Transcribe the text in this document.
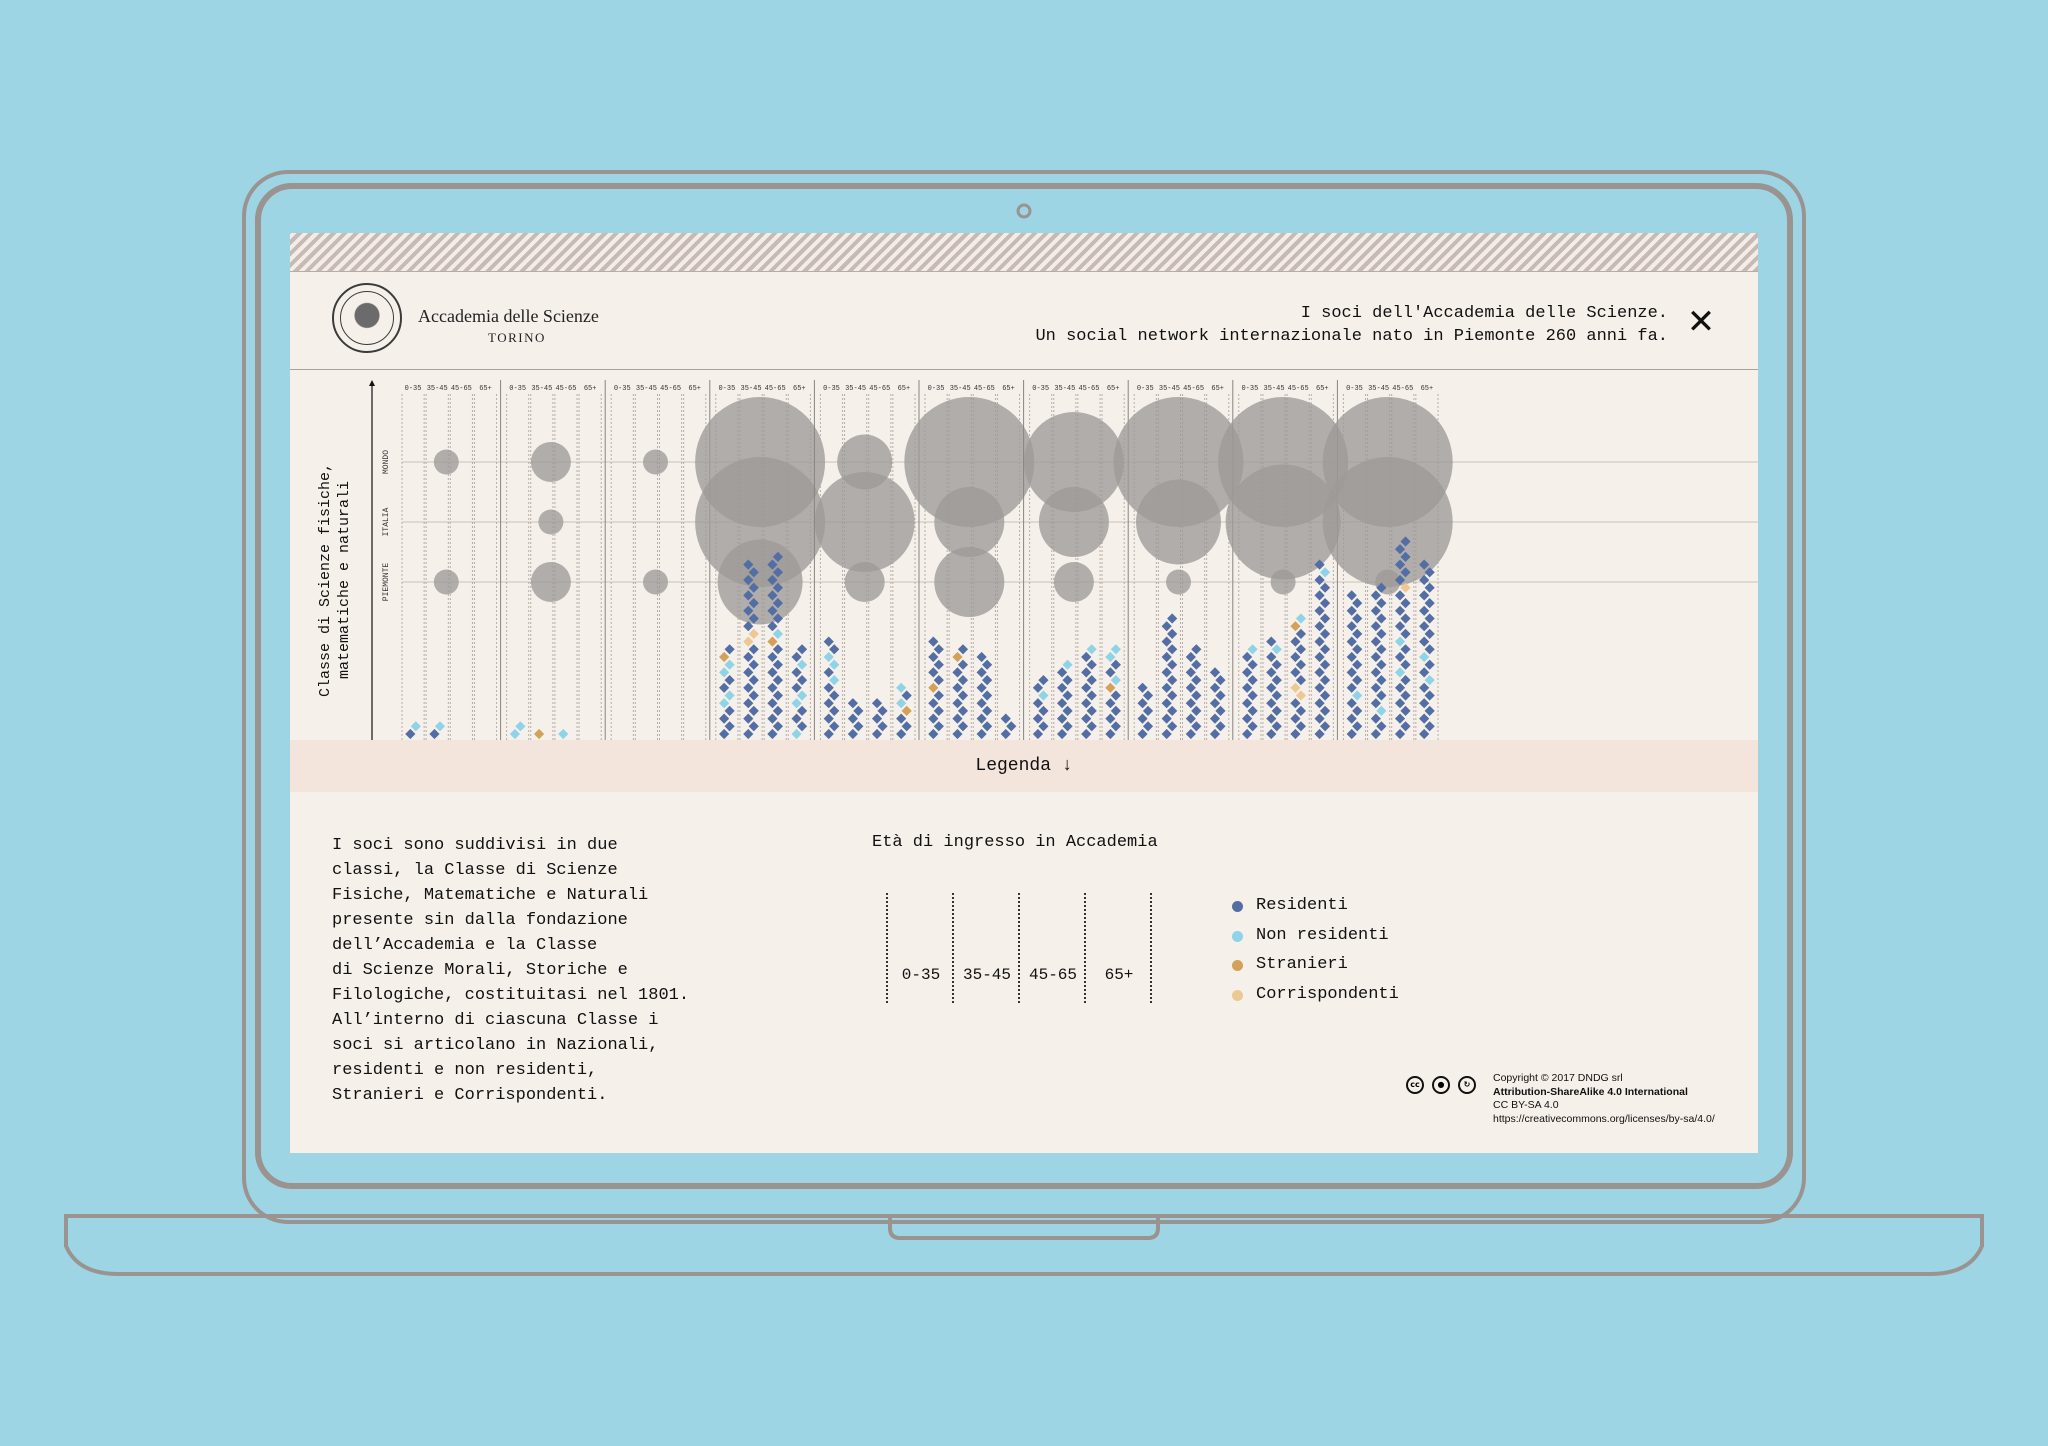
Accademia delle Scienze
TORINO
I soci dell'Accademia delle Scienze.
Un social network internazionale nato in Piemonte 260 anni fa. ✕
Classe di Scienze fisiche, matematiche e naturali
MONDO
ITALIA
PIEMONTE
0-35 35-45 45-65 65+ 0-35 35-45 45-65 65+ 0-35 35-45 45-65 65+ 0-35 35-45 45-65 65+ 0-35 35-45 45-65 65+ 0-35 35-45 45-65 65+ 0-35 35-45 45-65 65+ 0-35 35-45 45-65 65+ 0-35 35-45 45-65 65+ 0-35 35-45 45-65 65+
Legenda ↓
I soci sono suddivisi in due
classi, la Classe di Scienze
Fisiche, Matematiche e Naturali
presente sin dalla fondazione
dell’Accademia e la Classe
di Scienze Morali, Storiche e
Filologiche, costituitasi nel 1801.
All’interno di ciascuna Classe i
soci si articolano in Nazionali,
residenti e non residenti,
Stranieri e Corrispondenti.
Età di ingresso in Accademia
0-35	35-45	45-65	65+
Residenti
Non residenti
Stranieri
Corrispondenti
cc	●	↻
Copyright © 2017 DNDG srl
Attribution-ShareAlike 4.0 International
CC BY-SA 4.0
https://creativecommons.org/licenses/by-sa/4.0/
